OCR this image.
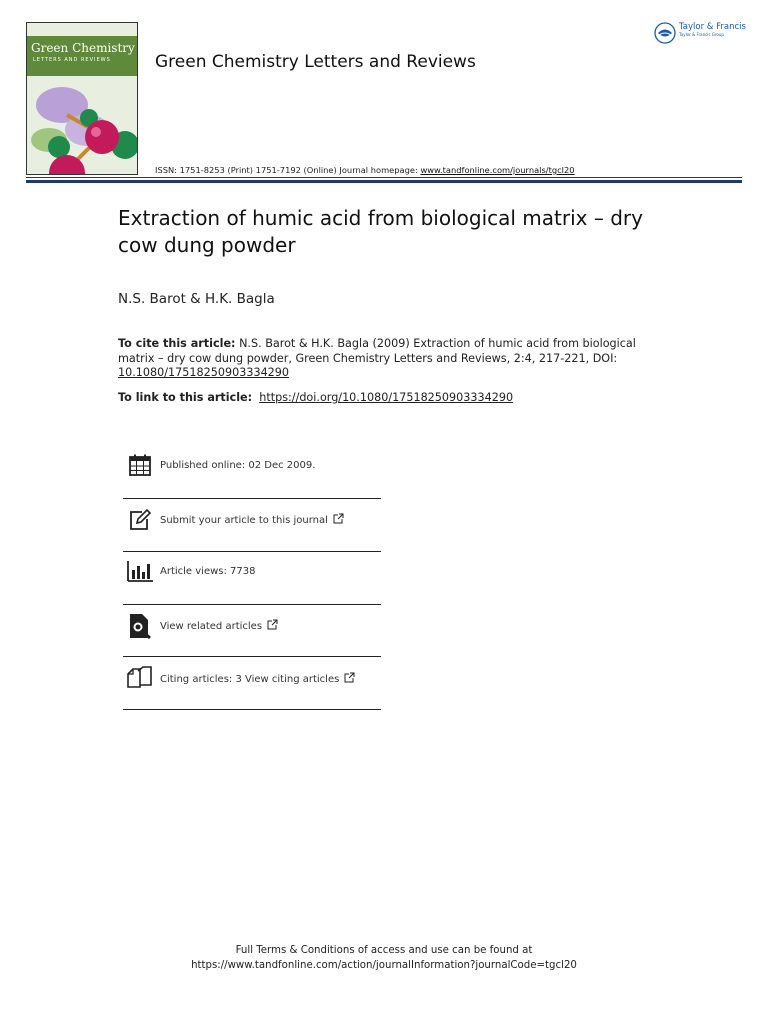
Green Chemistry
LETTERS AND REVIEWS	Green Chemistry Letters and Reviews
ISSN: 1751-8253 (Print) 1751-7192 (Online) Journal homepage: www.tandfonline.com/journals/tgcl20
Taylor & Francis
Taylor & Francis Group
Extraction of humic acid from biological matrix – dry cow dung powder
N.S. Barot & H.K. Bagla
To cite this article: N.S. Barot & H.K. Bagla (2009) Extraction of humic acid from biological matrix – dry cow dung powder, Green Chemistry Letters and Reviews, 2:4, 217-221, DOI: 10.1080/17518250903334290
To link to this article: https://doi.org/10.1080/17518250903334290
Published online: 02 Dec 2009.
Submit your article to this journal
Article views: 7738
View related articles
Citing articles: 3 View citing articles
Full Terms & Conditions of access and use can be found at
https://www.tandfonline.com/action/journalInformation?journalCode=tgcl20
